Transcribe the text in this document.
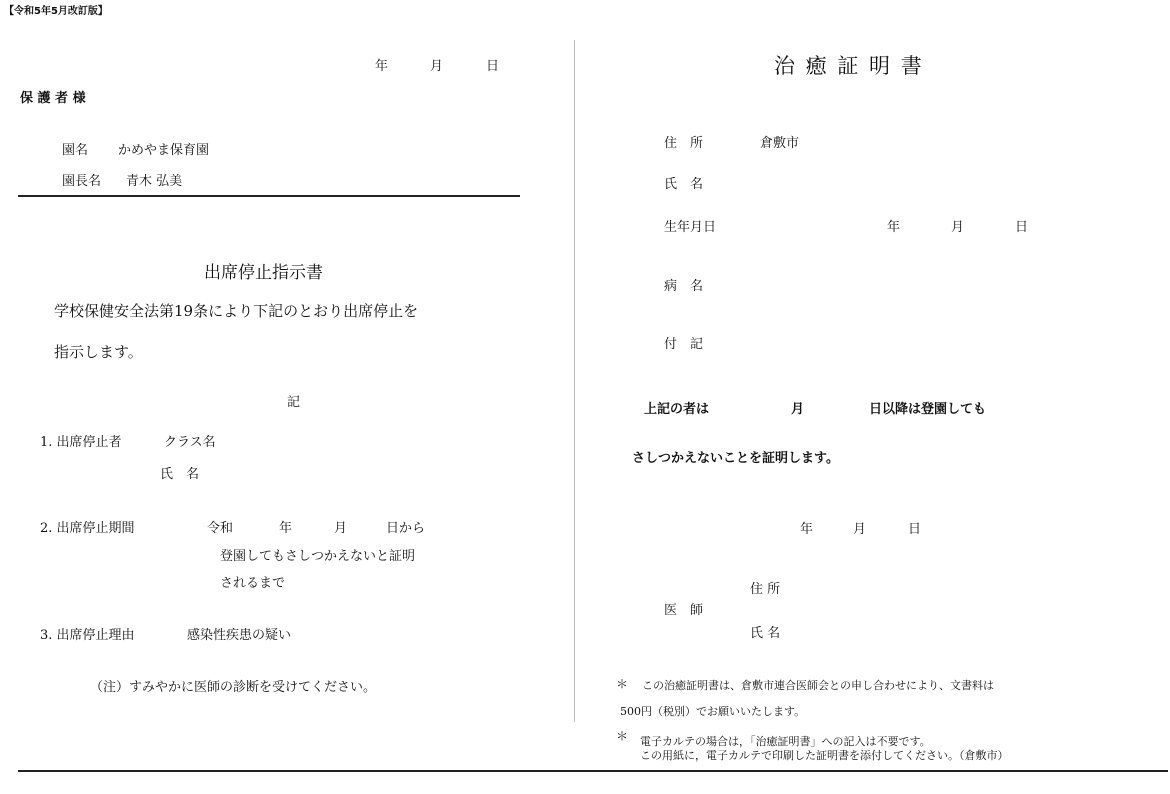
【令和5年5月改訂版】
年	月	日
保 護 者 様
園名 かめやま保育園
園長名 青木 弘美
出席停止指示書
学校保健安全法第19条により下記のとおり出席停止を
指示します。
記
1. 出席停止者	クラス名
氏　名
2. 出席停止期間	令和	年	月	日から
登園してもさしつかえないと証明
されるまで
3. 出席停止理由	感染性疾患の疑い
（注）すみやかに医師の診断を受けてください。
治 癒 証 明 書
住　所	倉敷市
氏　名
生年月日	年	月	日
病　名
付　記
上記の者は	月	日以降は登園しても
さしつかえないことを証明します。
年	月	日
住 所
医　師
氏 名
＊ この治癒証明書は、倉敷市連合医師会との申し合わせにより、文書料は
500円（税別）でお願いいたします。
＊ 電子カルテの場合は，「治癒証明書」への記入は不要です。
この用紙に，電子カルテで印刷した証明書を添付してください。（倉敷市）
